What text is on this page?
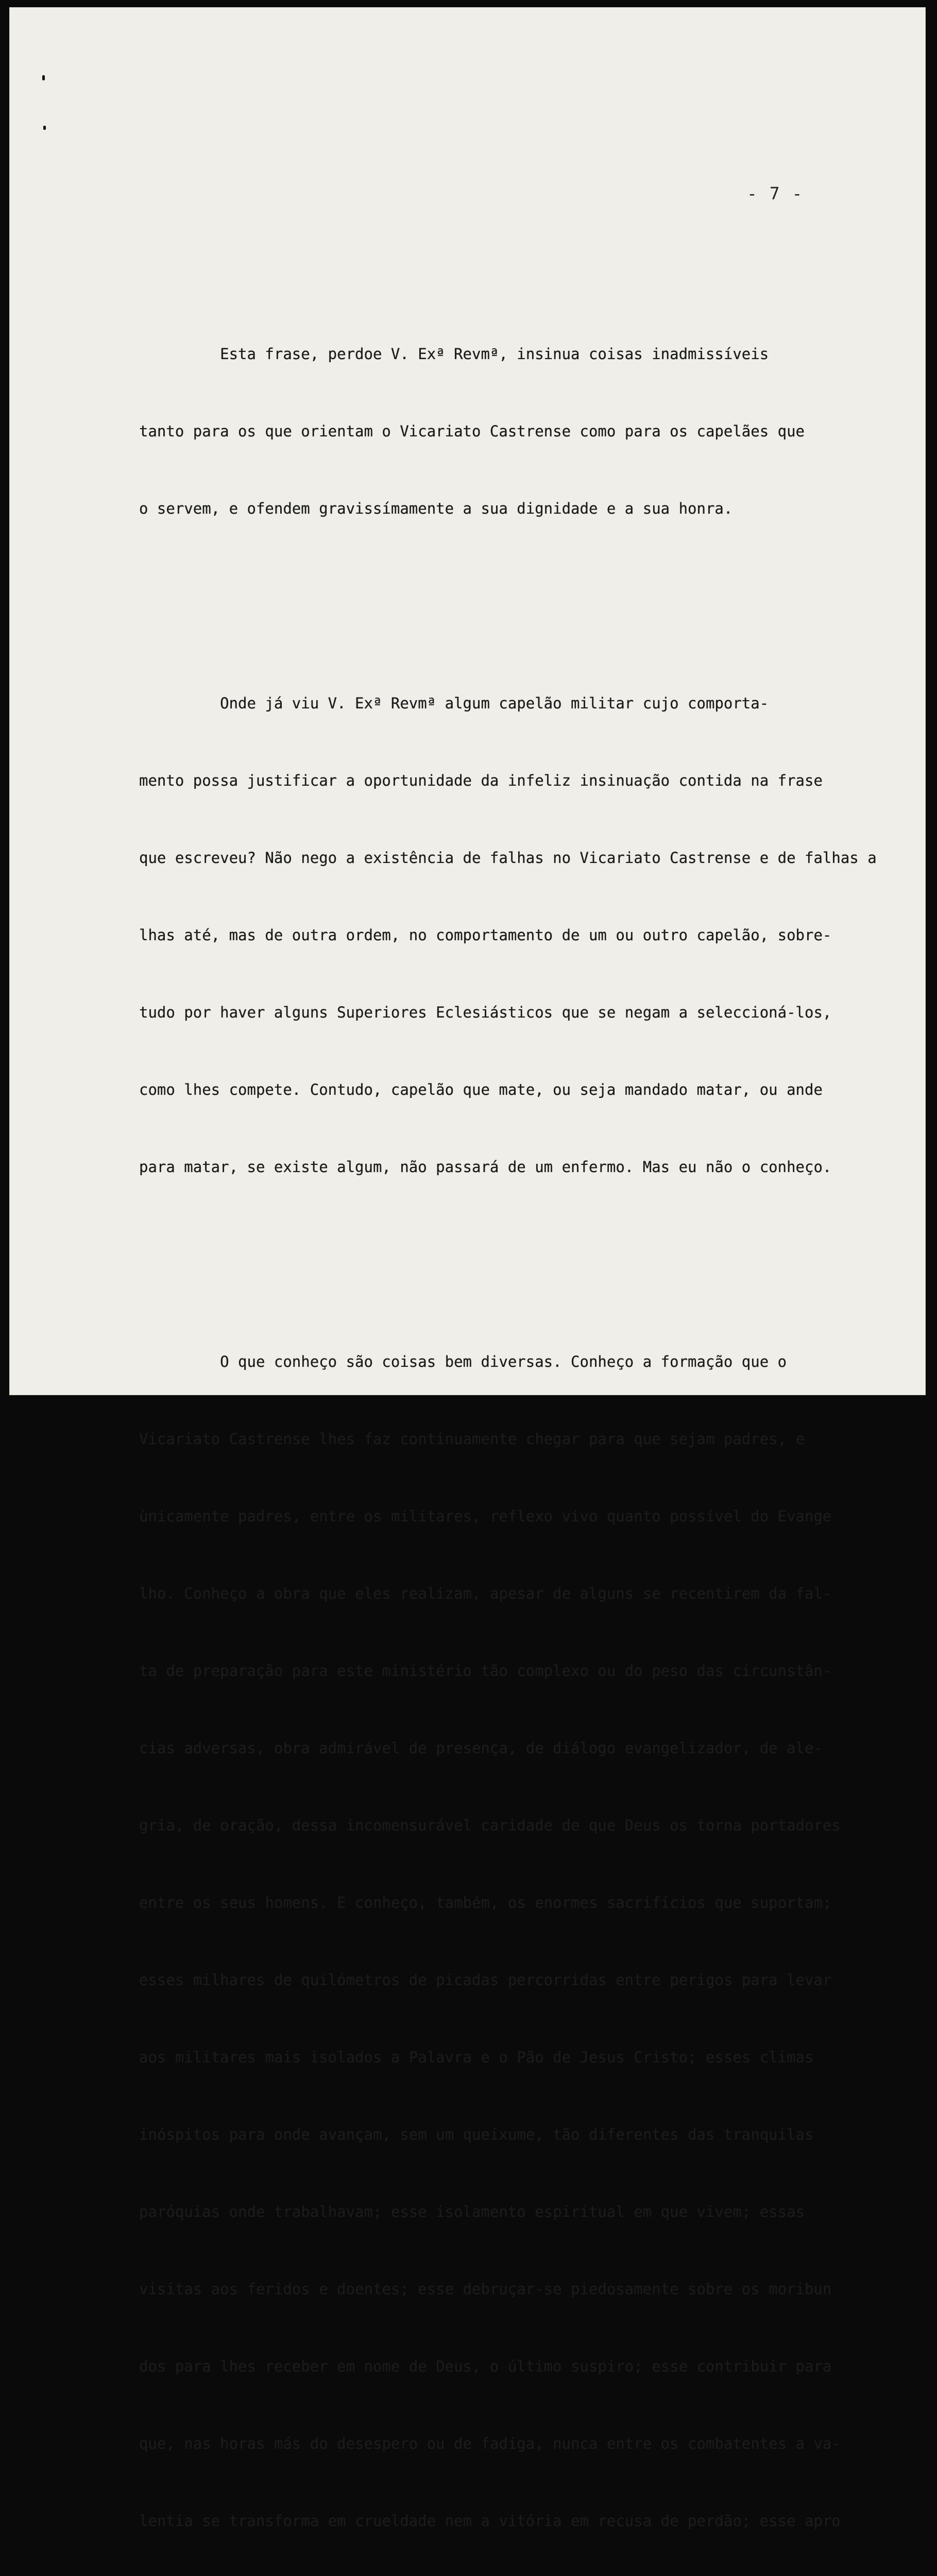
- 7 -

Esta frase, perdoe V. Exª Revmª, insinua coisas inadmissíveis

tanto para os que orientam o Vicariato Castrense como para os capelães que

o servem, e ofendem gravissímamente a sua dignidade e a sua honra.

Onde já viu V. Exª Revmª algum capelão militar cujo comporta-

mento possa justificar a oportunidade da infeliz insinuação contida na frase

que escreveu? Não nego a existência de falhas no Vicariato Castrense e de falhas a

lhas até, mas de outra ordem, no comportamento de um ou outro capelão, sobre-

tudo por haver alguns Superiores Eclesiásticos que se negam a seleccioná-los,

como lhes compete. Contudo, capelão que mate, ou seja mandado matar, ou ande

para matar, se existe algum, não passará de um enfermo. Mas eu não o conheço.

O que conheço são coisas bem diversas. Conheço a formação que o

Vicariato Castrense lhes faz continuamente chegar para que sejam padres, e

ùnicamente padres, entre os militares, reflexo vivo quanto possível do Evange

lho. Conheço a obra que eles realizam, apesar de alguns se recentirem da fal-

ta de preparação para este ministério tão complexo ou do peso das circunstân-

cias adversas, obra admirável de presença, de diálogo evangelizador, de ale-

gria, de oração, dessa incomensurável caridade de que Deus os torna portadores

entre os seus homens. E conheço, também, os enormes sacrifícios que suportam;

esses milhares de quilómetros de picadas percorridas entre perigos para levar

aos militares mais isolados a Palavra e o Pão de Jesus Cristo; esses climas

inóspitos para onde avançam, sem um queixume, tão diferentes das tranquilas

paróquias onde trabalhavam; esse isolamento espiritual em que vivem; essas

visitas aos feridos e doentes; esse debruçar-se piedosamente sobre os moribun

dos para lhes receber em nome de Deus, o último suspiro; esse contribuir para

que, nas horas más do desespero ou de fadiga, nunca entre os combatentes a va-

lentia se transforma em crueldade nem a vitória em recusa de perdão; esse apro
